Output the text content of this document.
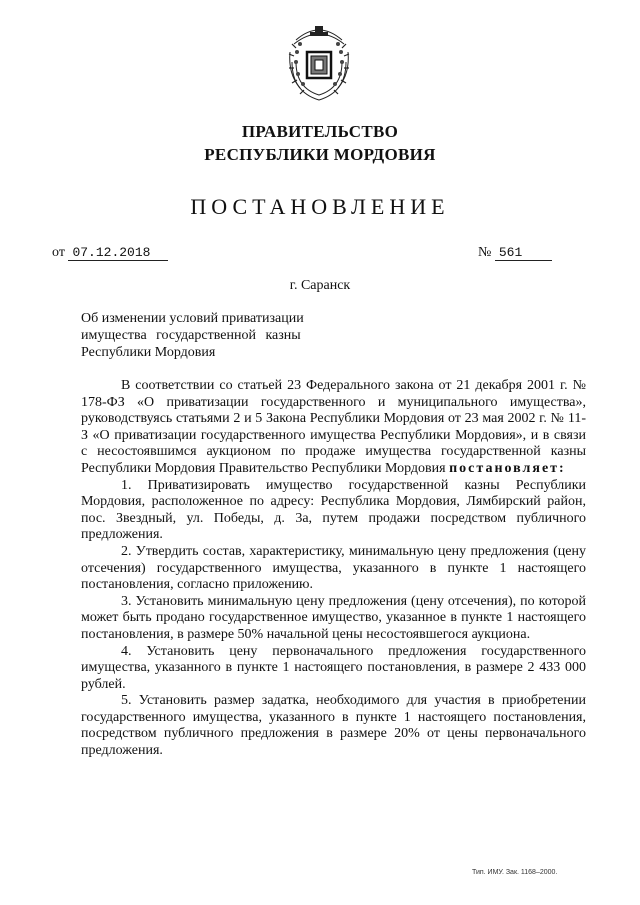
ПРАВИТЕЛЬСТВО
РЕСПУБЛИКИ МОРДОВИЯ
ПОСТАНОВЛЕНИЕ
от 07.12.2018	№ 561
г. Саранск
Об изменении условий приватизации
имущества государственной казны
Республики Мордовия

В соответствии со статьей 23 Федерального закона от 21 декабря 2001 г. № 178-ФЗ «О приватизации государственного и муниципального имущества», руководствуясь статьями 2 и 5 Закона Республики Мордовия от 23 мая 2002 г. № 11-З «О приватизации государственного имущества Республики Мордовия», и в связи с несостоявшимся аукционом по продаже имущества государственной казны Республики Мордовия Правительство Республики Мордовия постановляет:

1. Приватизировать имущество государственной казны Республики Мордовия, расположенное по адресу: Республика Мордовия, Лямбирский район, пос. Звездный, ул. Победы, д. 3а, путем продажи посредством публичного предложения.

2. Утвердить состав, характеристику, минимальную цену предложения (цену отсечения) государственного имущества, указанного в пункте 1 настоящего постановления, согласно приложению.

3. Установить минимальную цену предложения (цену отсечения), по которой может быть продано государственное имущество, указанное в пункте 1 настоящего постановления, в размере 50% начальной цены несостоявшегося аукциона.

4. Установить цену первоначального предложения государственного имущества, указанного в пункте 1 настоящего постановления, в размере 2 433 000 рублей.

5. Установить размер задатка, необходимого для участия в приобретении государственного имущества, указанного в пункте 1 настоящего постановления, посредством публичного предложения в размере 20% от цены первоначального предложения.

Тип. ИМУ. Зак. 1168–2000.
